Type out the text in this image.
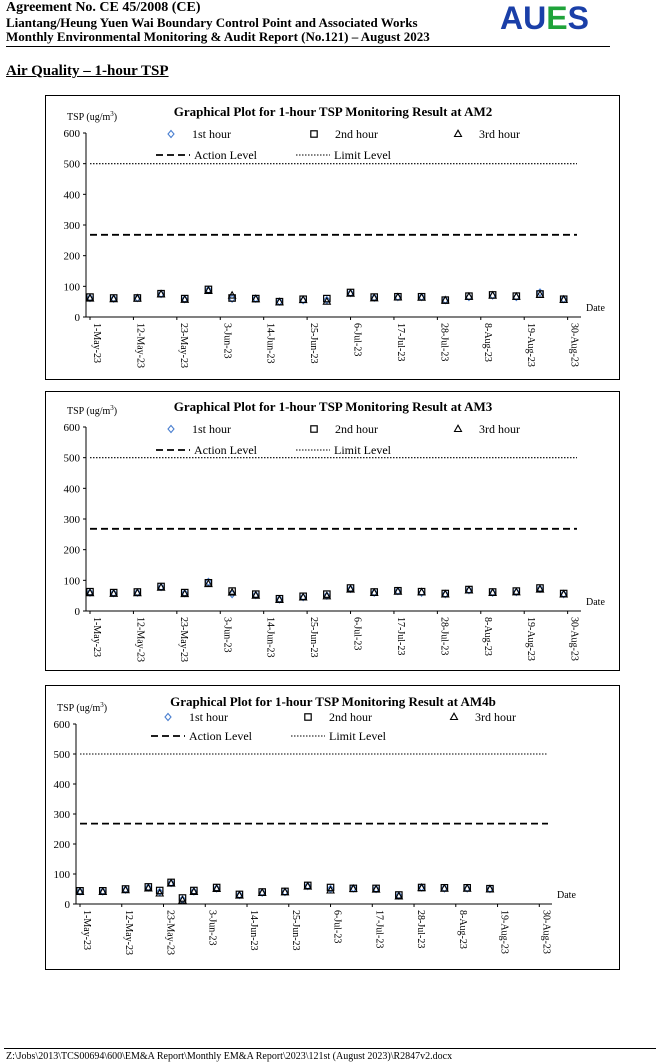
Agreement No. CE 45/2008 (CE)
Liantang/Heung Yuen Wai Boundary Control Point and Associated Works
Monthly Environmental Monitoring & Audit Report (No.121) – August 2023
AUES
Air Quality – 1-hour TSP
Graphical Plot for 1-hour TSP Monitoring Result at AM2
TSP $(ug/m^3)$
0
100
200
300
400
500
600
1-May-23	12-May-23	23-May-23	3-Jun-23	14-Jun-23	25-Jun-23	6-Jul-23	17-Jul-23	28-Jul-23	8-Aug-23	19-Aug-23	30-Aug-23
Date
1st hour	2nd hour	3rd hour
Action Level	Limit Level
Graphical Plot for 1-hour TSP Monitoring Result at AM3
TSP $(ug/m^3)$
0
100
200
300
400
500
600
1-May-23	12-May-23	23-May-23	3-Jun-23	14-Jun-23	25-Jun-23	6-Jul-23	17-Jul-23	28-Jul-23	8-Aug-23	19-Aug-23	30-Aug-23
Date
1st hour	2nd hour	3rd hour
Action Level	Limit Level
Graphical Plot for 1-hour TSP Monitoring Result at AM4b
TSP $(ug/m^3)$
0
100
200
300
400
500
600
1-May-23	12-May-23	23-May-23	3-Jun-23	14-Jun-23	25-Jun-23	6-Jul-23	17-Jul-23	28-Jul-23	8-Aug-23	19-Aug-23	30-Aug-23
Date
1st hour	2nd hour	3rd hour
Action Level	Limit Level
Z:\Jobs\2013\TCS00694\600\EM&A Report\Monthly EM&A Report\2023\121st (August 2023)\R2847v2.docx
